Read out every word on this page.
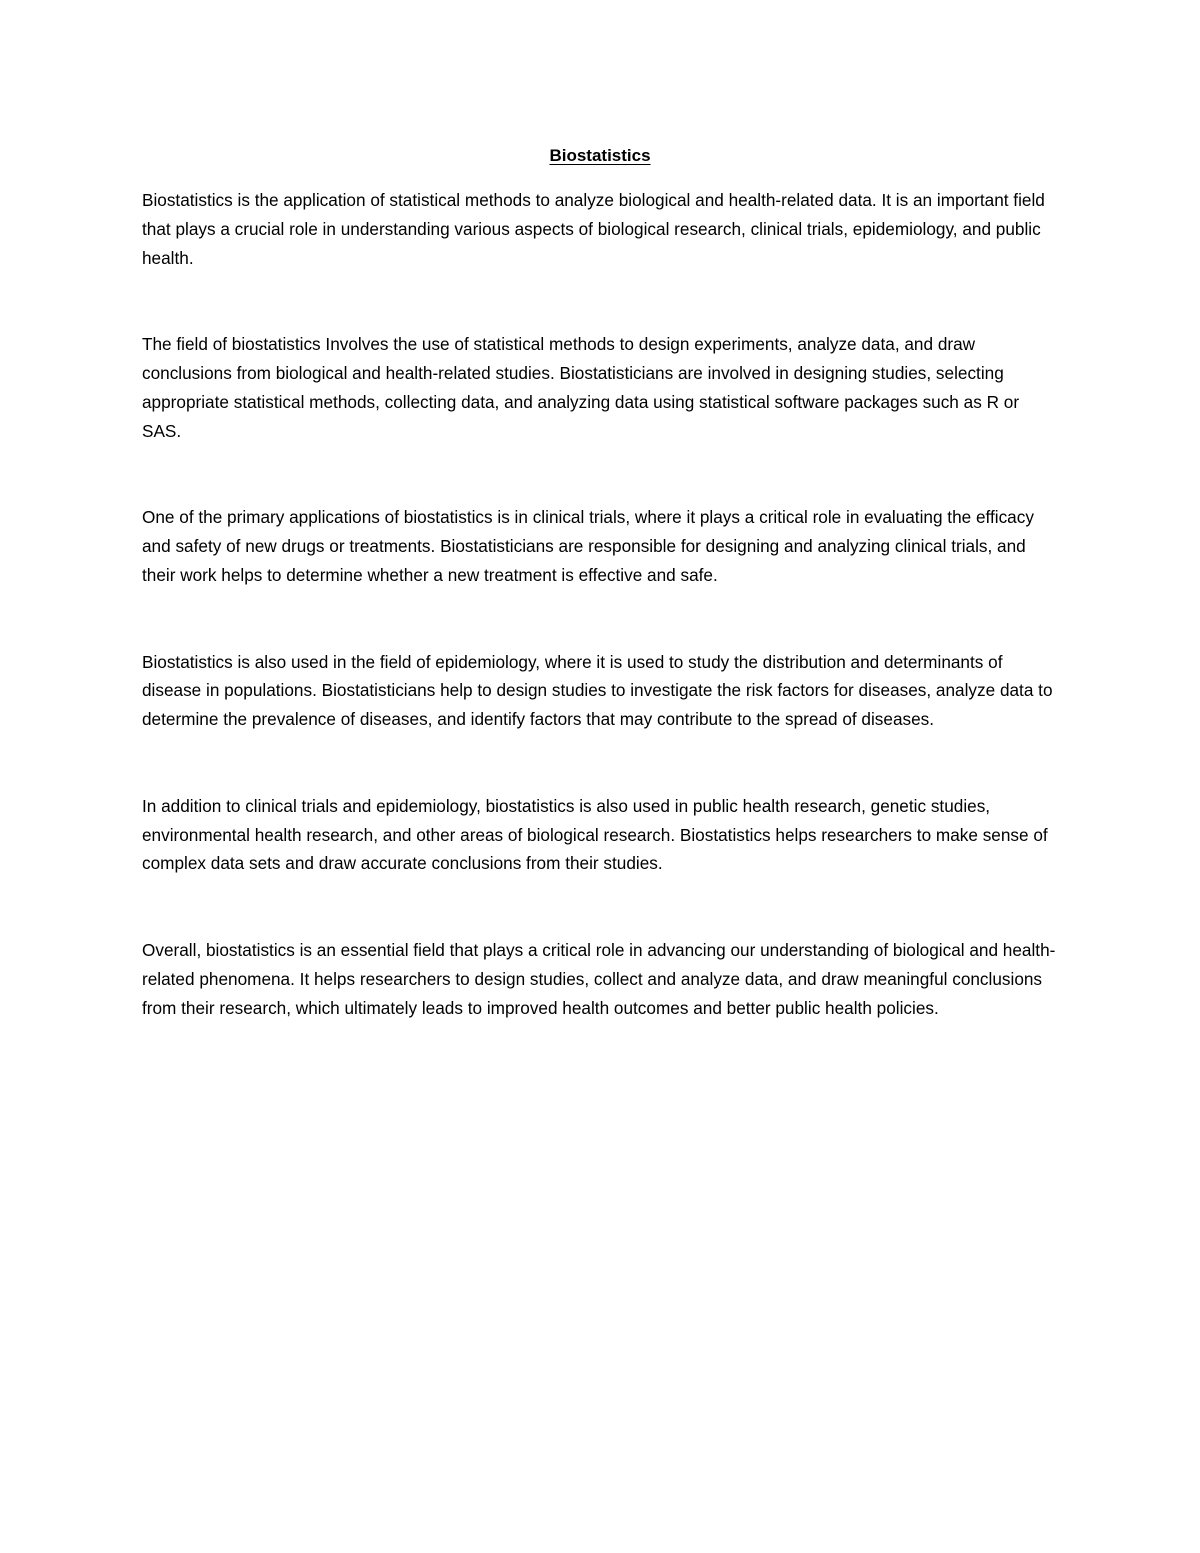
Biostatistics

Biostatistics is the application of statistical methods to analyze biological and health-related data. It is an important field that plays a crucial role in understanding various aspects of biological research, clinical trials, epidemiology, and public health.

The field of biostatistics Involves the use of statistical methods to design experiments, analyze data, and draw conclusions from biological and health-related studies. Biostatisticians are involved in designing studies, selecting appropriate statistical methods, collecting data, and analyzing data using statistical software packages such as R or SAS.

One of the primary applications of biostatistics is in clinical trials, where it plays a critical role in evaluating the efficacy and safety of new drugs or treatments. Biostatisticians are responsible for designing and analyzing clinical trials, and their work helps to determine whether a new treatment is effective and safe.

Biostatistics is also used in the field of epidemiology, where it is used to study the distribution and determinants of disease in populations. Biostatisticians help to design studies to investigate the risk factors for diseases, analyze data to determine the prevalence of diseases, and identify factors that may contribute to the spread of diseases.

In addition to clinical trials and epidemiology, biostatistics is also used in public health research, genetic studies, environmental health research, and other areas of biological research. Biostatistics helps researchers to make sense of complex data sets and draw accurate conclusions from their studies.

Overall, biostatistics is an essential field that plays a critical role in advancing our understanding of biological and health-related phenomena. It helps researchers to design studies, collect and analyze data, and draw meaningful conclusions from their research, which ultimately leads to improved health outcomes and better public health policies.
